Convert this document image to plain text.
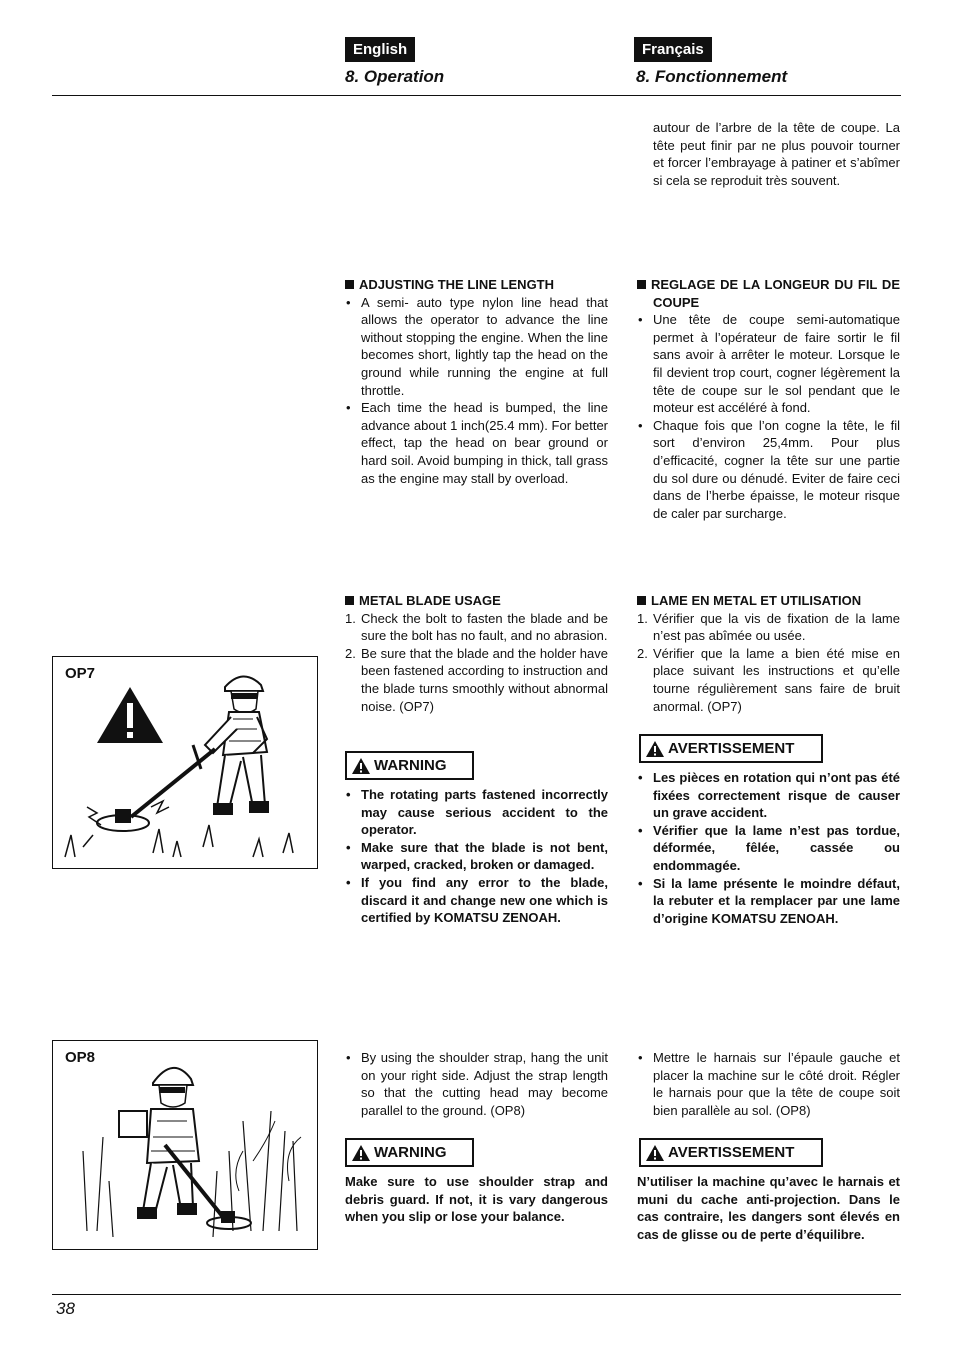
English	Français
8. Operation	8. Fonctionnement

autour de l’arbre de la tête de coupe. La tête peut finir par ne plus pouvoir tourner et forcer l’embrayage à patiner et s’abîmer si cela se reproduit très souvent.

ADJUSTING THE LINE LENGTH

• A semi- auto type nylon line head that allows the operator to advance the line without stopping the engine. When the line becomes short, lightly tap the head on the ground while running the engine at full throttle.
• Each time the head is bumped, the line advance about 1 inch(25.4 mm). For better effect, tap the head on bear ground or hard soil. Avoid bumping in thick, tall grass as the engine may stall by overload.

REGLAGE DE LA LONGEUR DU FIL DE COUPE

• Une tête de coupe semi-automatique permet à l’opérateur de faire sortir le fil sans avoir à arrêter le moteur. Lorsque le fil devient trop court, cogner légèrement la tête de coupe sur le sol pendant que le moteur est accéléré à fond.
• Chaque fois que l’on cogne la tête, le fil sort d’environ 25,4mm. Pour plus d’efficacité, cogner la tête sur une partie du sol dure ou dénudé. Eviter de faire ceci dans de l’herbe épaisse, le moteur risque de caler par surcharge.

METAL BLADE USAGE

1. Check the bolt to fasten the blade and be sure the bolt has no fault, and no abrasion.
2. Be sure that the blade and the holder have been fastened according to instruction and the blade turns smoothly without abnormal noise. (OP7)

LAME EN METAL ET UTILISATION

1. Vérifier que la vis de fixation de la lame n’est pas abîmée ou usée.
2. Vérifier que la lame a bien été mise en place suivant les instructions et qu’elle tourne régulièrement sans faire de bruit anormal. (OP7)
WARNING
AVERTISSEMENT
• The rotating parts fastened incorrectly may cause serious accident to the operator.
• Make sure that the blade is not bent, warped, cracked, broken or damaged.
• If you find any error to the blade, discard it and change new one which is certified by KOMATSU ZENOAH.
• Les pièces en rotation qui n’ont pas été fixées correctement risque de causer un grave accident.
• Vérifier que la lame n’est pas tordue, déformée, fêlée, cassée ou endommagée.
• Si la lame présente le moindre défaut, la rebuter et la remplacer par une lame d’origine KOMATSU ZENOAH.
OP7
OP8
•	By using the shoulder strap, hang the unit on your right side. Adjust the strap length so that the cutting head may become parallel to the ground. (OP8)
• Mettre le harnais sur l’épaule gauche et placer la machine sur le côté droit. Régler le harnais pour que la tête de coupe soit bien parallèle au sol. (OP8)
WARNING	AVERTISSEMENT

Make sure to use shoulder strap and debris guard. If not, it is vary dangerous when you slip or lose your balance.

N’utiliser la machine qu’avec le harnais et muni du cache anti-projection. Dans le cas contraire, les dangers sont élevés en cas de glisse ou de perte d’équilibre.

38
